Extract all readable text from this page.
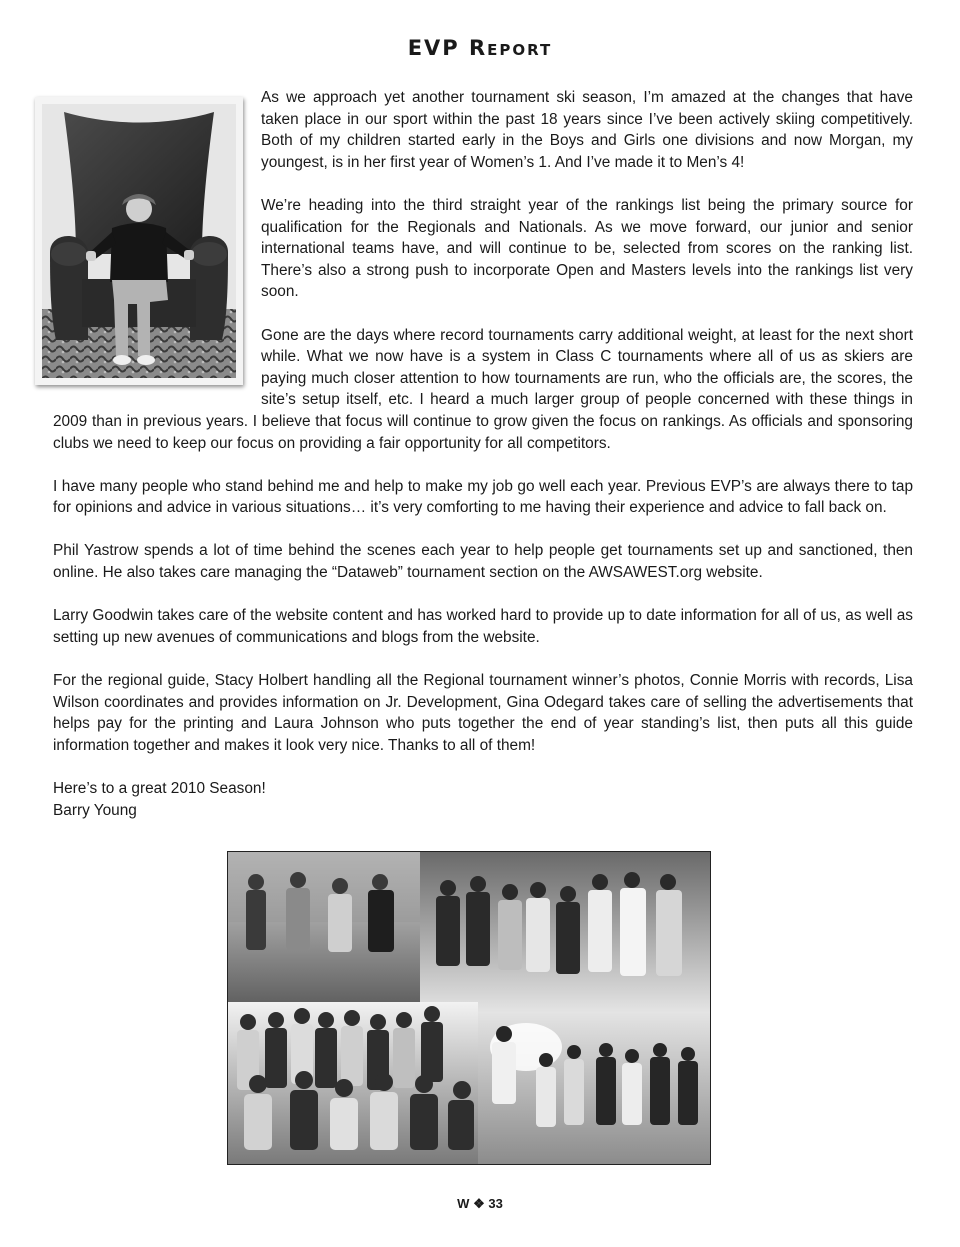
EVP Report

As we approach yet another tournament ski season, I’m amazed at the changes that have taken place in our sport within the past 18 years since I’ve been actively skiing competitively. Both of my children started early in the Boys and Girls one divisions and now Morgan, my youngest, is in her first year of Women’s 1. And I’ve made it to Men’s 4!

We’re heading into the third straight year of the rankings list being the primary source for qualification for the Regionals and Nationals. As we move forward, our junior and senior international teams have, and will continue to be, selected from scores on the ranking list. There’s also a strong push to incorporate Open and Masters levels into the rankings list very soon.

Gone are the days where record tournaments carry additional weight, at least for the next short while. What we now have is a system in Class C tournaments where all of us as skiers are paying much closer attention to how tournaments are run, who the officials are, the scores, the site’s setup itself, etc. I heard a much larger group of people concerned with these things in 2009 than in previous years. I believe that focus will continue to grow given the focus on rankings. As officials and sponsoring clubs we need to keep our focus on providing a fair opportunity for all competitors.

I have many people who stand behind me and help to make my job go well each year. Previous EVP’s are always there to tap for opinions and advice in various situations… it’s very comforting to me having their experience and advice to fall back on.

Phil Yastrow spends a lot of time behind the scenes each year to help people get tournaments set up and sanctioned, then online. He also takes care managing the “Dataweb” tournament section on the AWSAWEST.org website.

Larry Goodwin takes care of the website content and has worked hard to provide up to date information for all of us, as well as setting up new avenues of communications and blogs from the website.

For the regional guide, Stacy Holbert handling all the Regional tournament winner’s photos, Connie Morris with records, Lisa Wilson coordinates and provides information on Jr. Development, Gina Odegard takes care of selling the advertisements that helps pay for the printing and Laura Johnson who puts together the end of year standing’s list, then puts all this guide information together and makes it look very nice. Thanks to all of them!

Here’s to a great 2010 Season!

Barry Young

W ❖ 33
